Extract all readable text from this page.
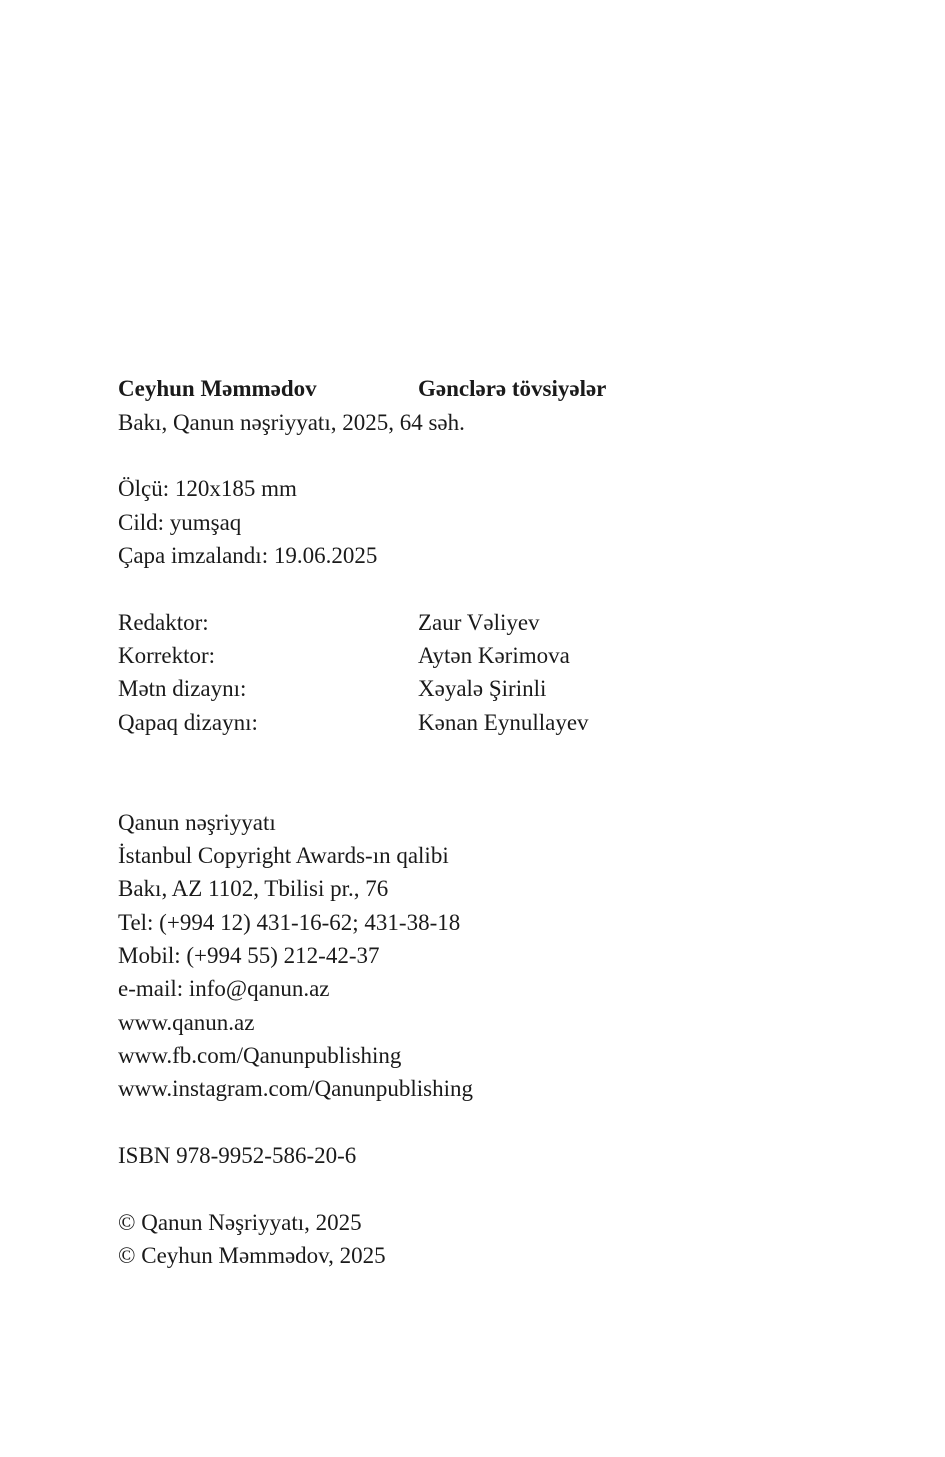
Ceyhun Məmmədov	Gənclərə tövsiyələr
Bakı, Qanun nəşriyyatı, 2025, 64 səh.
Ölçü: 120x185 mm
Cild: yumşaq
Çapa imzalandı: 19.06.2025
Redaktor:	Zaur Vəliyev
Korrektor:	Aytən Kərimova
Mətn dizaynı:	Xəyalə Şirinli
Qapaq dizaynı:	Kənan Eynullayev
Qanun nəşriyyatı
İstanbul Copyright Awards-ın qalibi
Bakı, AZ 1102, Tbilisi pr., 76
Tel: (+994 12) 431-16-62; 431-38-18
Mobil: (+994 55) 212-42-37
e-mail: info@qanun.az
www.qanun.az
www.fb.com/Qanunpublishing
www.instagram.com/Qanunpublishing
ISBN 978-9952-586-20-6
© Qanun Nəşriyyatı, 2025
© Ceyhun Məmmədov, 2025
